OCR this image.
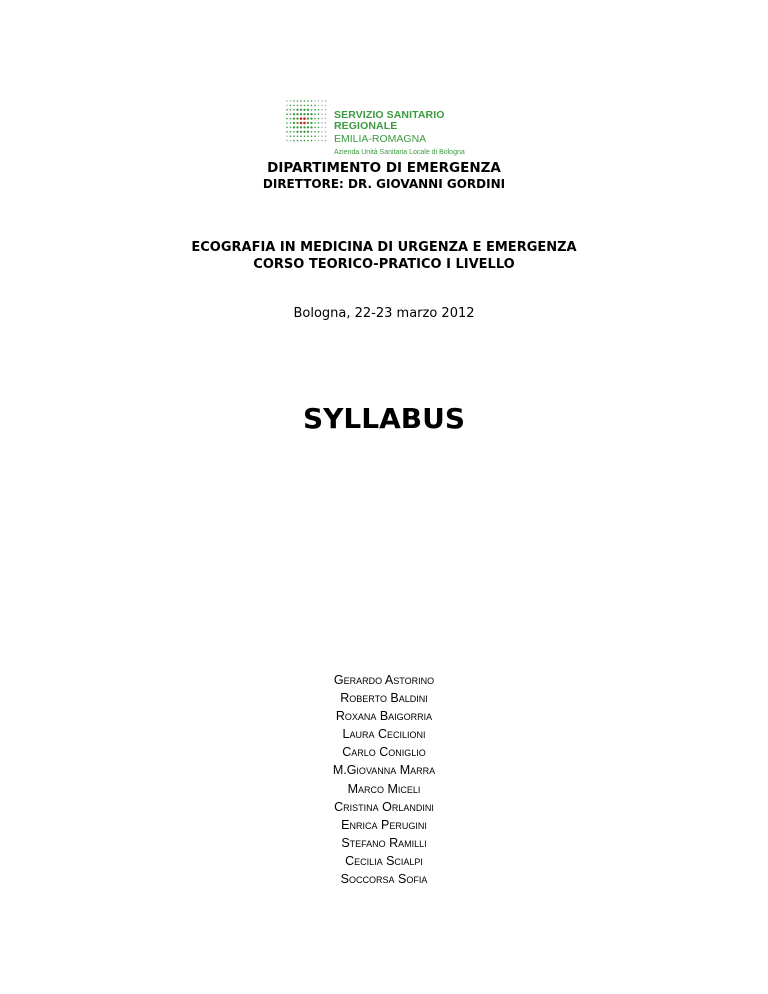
SERVIZIO SANITARIO REGIONALE
EMILIA-ROMAGNA
Azienda Unità Sanitaria Locale di Bologna
DIPARTIMENTO DI EMERGENZA
DIRETTORE: DR. GIOVANNI GORDINI
ECOGRAFIA IN MEDICINA DI URGENZA E EMERGENZA
CORSO TEORICO-PRATICO I LIVELLO
Bologna, 22-23 marzo 2012
SYLLABUS
Gerardo Astorino
Roberto Baldini
Roxana Baigorria
Laura Cecilioni
Carlo Coniglio
M.Giovanna Marra
Marco Miceli
Cristina Orlandini
Enrica Perugini
Stefano Ramilli
Cecilia Scialpi
Soccorsa Sofia
